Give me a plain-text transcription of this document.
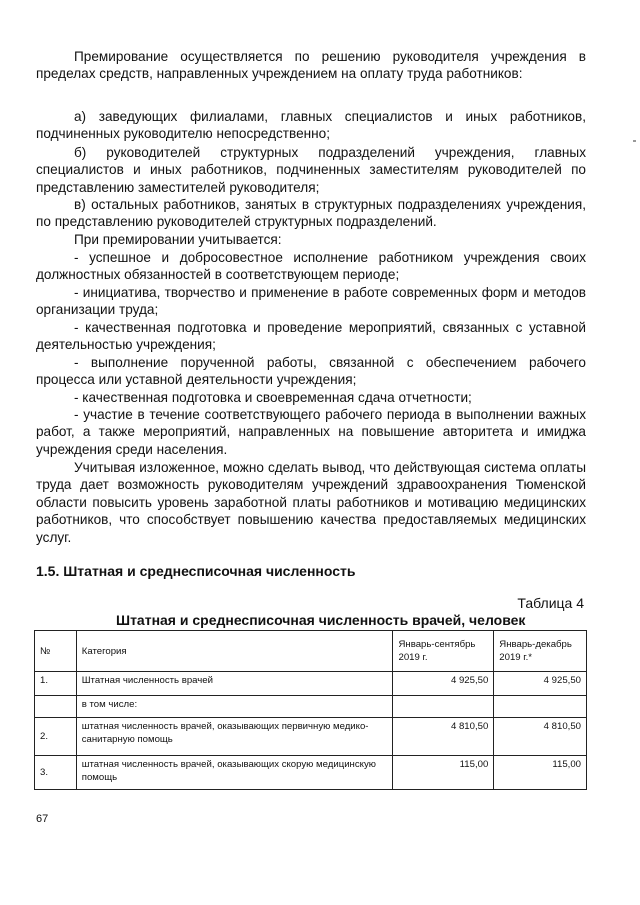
Премирование осуществляется по решению руководителя учреждения в пределах средств, направленных учреждением на оплату труда работников:
а) заведующих филиалами, главных специалистов и иных работников, подчиненных руководителю непосредственно;
б) руководителей структурных подразделений учреждения, главных специалистов и иных работников, подчиненных заместителям руководителей по представлению заместителей руководителя;
в) остальных работников, занятых в структурных подразделениях учреждения, по представлению руководителей структурных подразделений.
При премировании учитывается:
- успешное и добросовестное исполнение работником учреждения своих должностных обязанностей в соответствующем периоде;
- инициатива, творчество и применение в работе современных форм и методов организации труда;
- качественная подготовка и проведение мероприятий, связанных с уставной деятельностью учреждения;
- выполнение порученной работы, связанной с обеспечением рабочего процесса или уставной деятельности учреждения;
- качественная подготовка и своевременная сдача отчетности;
- участие в течение соответствующего рабочего периода в выполнении важных работ, а также мероприятий, направленных на повышение авторитета и имиджа учреждения среди населения.
Учитывая изложенное, можно сделать вывод, что действующая система оплаты труда дает возможность руководителям учреждений здравоохранения Тюменской области повысить уровень заработной платы работников и мотивацию медицинских работников, что способствует повышению качества предоставляемых медицинских услуг.
1.5. Штатная и среднесписочная численность
Таблица 4
Штатная и среднесписочная численность врачей, человек
№	Категория	Январь-сентябрь 2019 г.	Январь-декабрь 2019 г.*
1.	Штатная численность врачей	4 925,50	4 925,50
	в том числе:		
2.	штатная численность врачей, оказывающих первичную медико-санитарную помощь	4 810,50	4 810,50
3.	штатная численность врачей, оказывающих скорую медицинскую помощь	115,00	115,00
67
